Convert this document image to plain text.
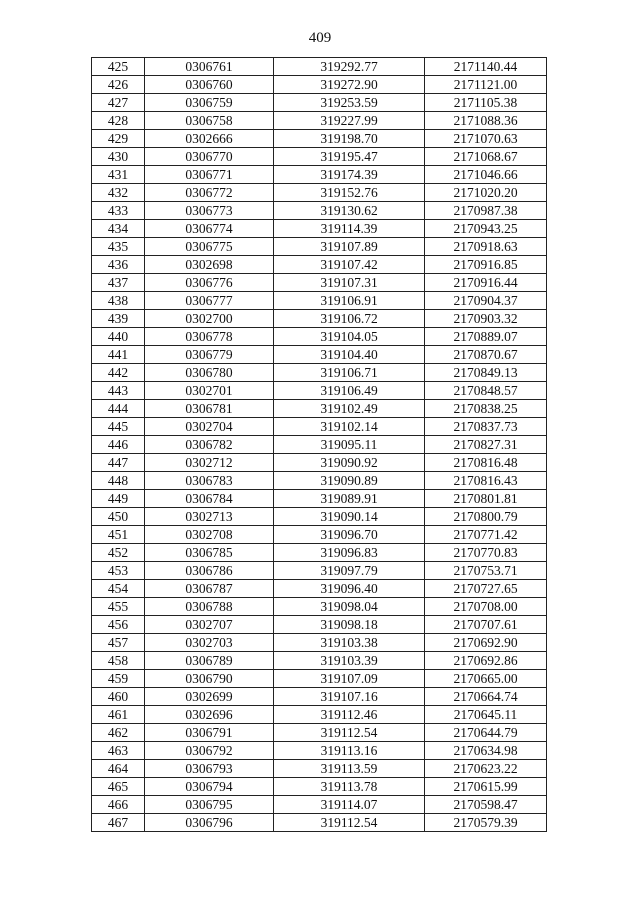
409
425	0306761	319292.77	2171140.44
426	0306760	319272.90	2171121.00
427	0306759	319253.59	2171105.38
428	0306758	319227.99	2171088.36
429	0302666	319198.70	2171070.63
430	0306770	319195.47	2171068.67
431	0306771	319174.39	2171046.66
432	0306772	319152.76	2171020.20
433	0306773	319130.62	2170987.38
434	0306774	319114.39	2170943.25
435	0306775	319107.89	2170918.63
436	0302698	319107.42	2170916.85
437	0306776	319107.31	2170916.44
438	0306777	319106.91	2170904.37
439	0302700	319106.72	2170903.32
440	0306778	319104.05	2170889.07
441	0306779	319104.40	2170870.67
442	0306780	319106.71	2170849.13
443	0302701	319106.49	2170848.57
444	0306781	319102.49	2170838.25
445	0302704	319102.14	2170837.73
446	0306782	319095.11	2170827.31
447	0302712	319090.92	2170816.48
448	0306783	319090.89	2170816.43
449	0306784	319089.91	2170801.81
450	0302713	319090.14	2170800.79
451	0302708	319096.70	2170771.42
452	0306785	319096.83	2170770.83
453	0306786	319097.79	2170753.71
454	0306787	319096.40	2170727.65
455	0306788	319098.04	2170708.00
456	0302707	319098.18	2170707.61
457	0302703	319103.38	2170692.90
458	0306789	319103.39	2170692.86
459	0306790	319107.09	2170665.00
460	0302699	319107.16	2170664.74
461	0302696	319112.46	2170645.11
462	0306791	319112.54	2170644.79
463	0306792	319113.16	2170634.98
464	0306793	319113.59	2170623.22
465	0306794	319113.78	2170615.99
466	0306795	319114.07	2170598.47
467	0306796	319112.54	2170579.39
